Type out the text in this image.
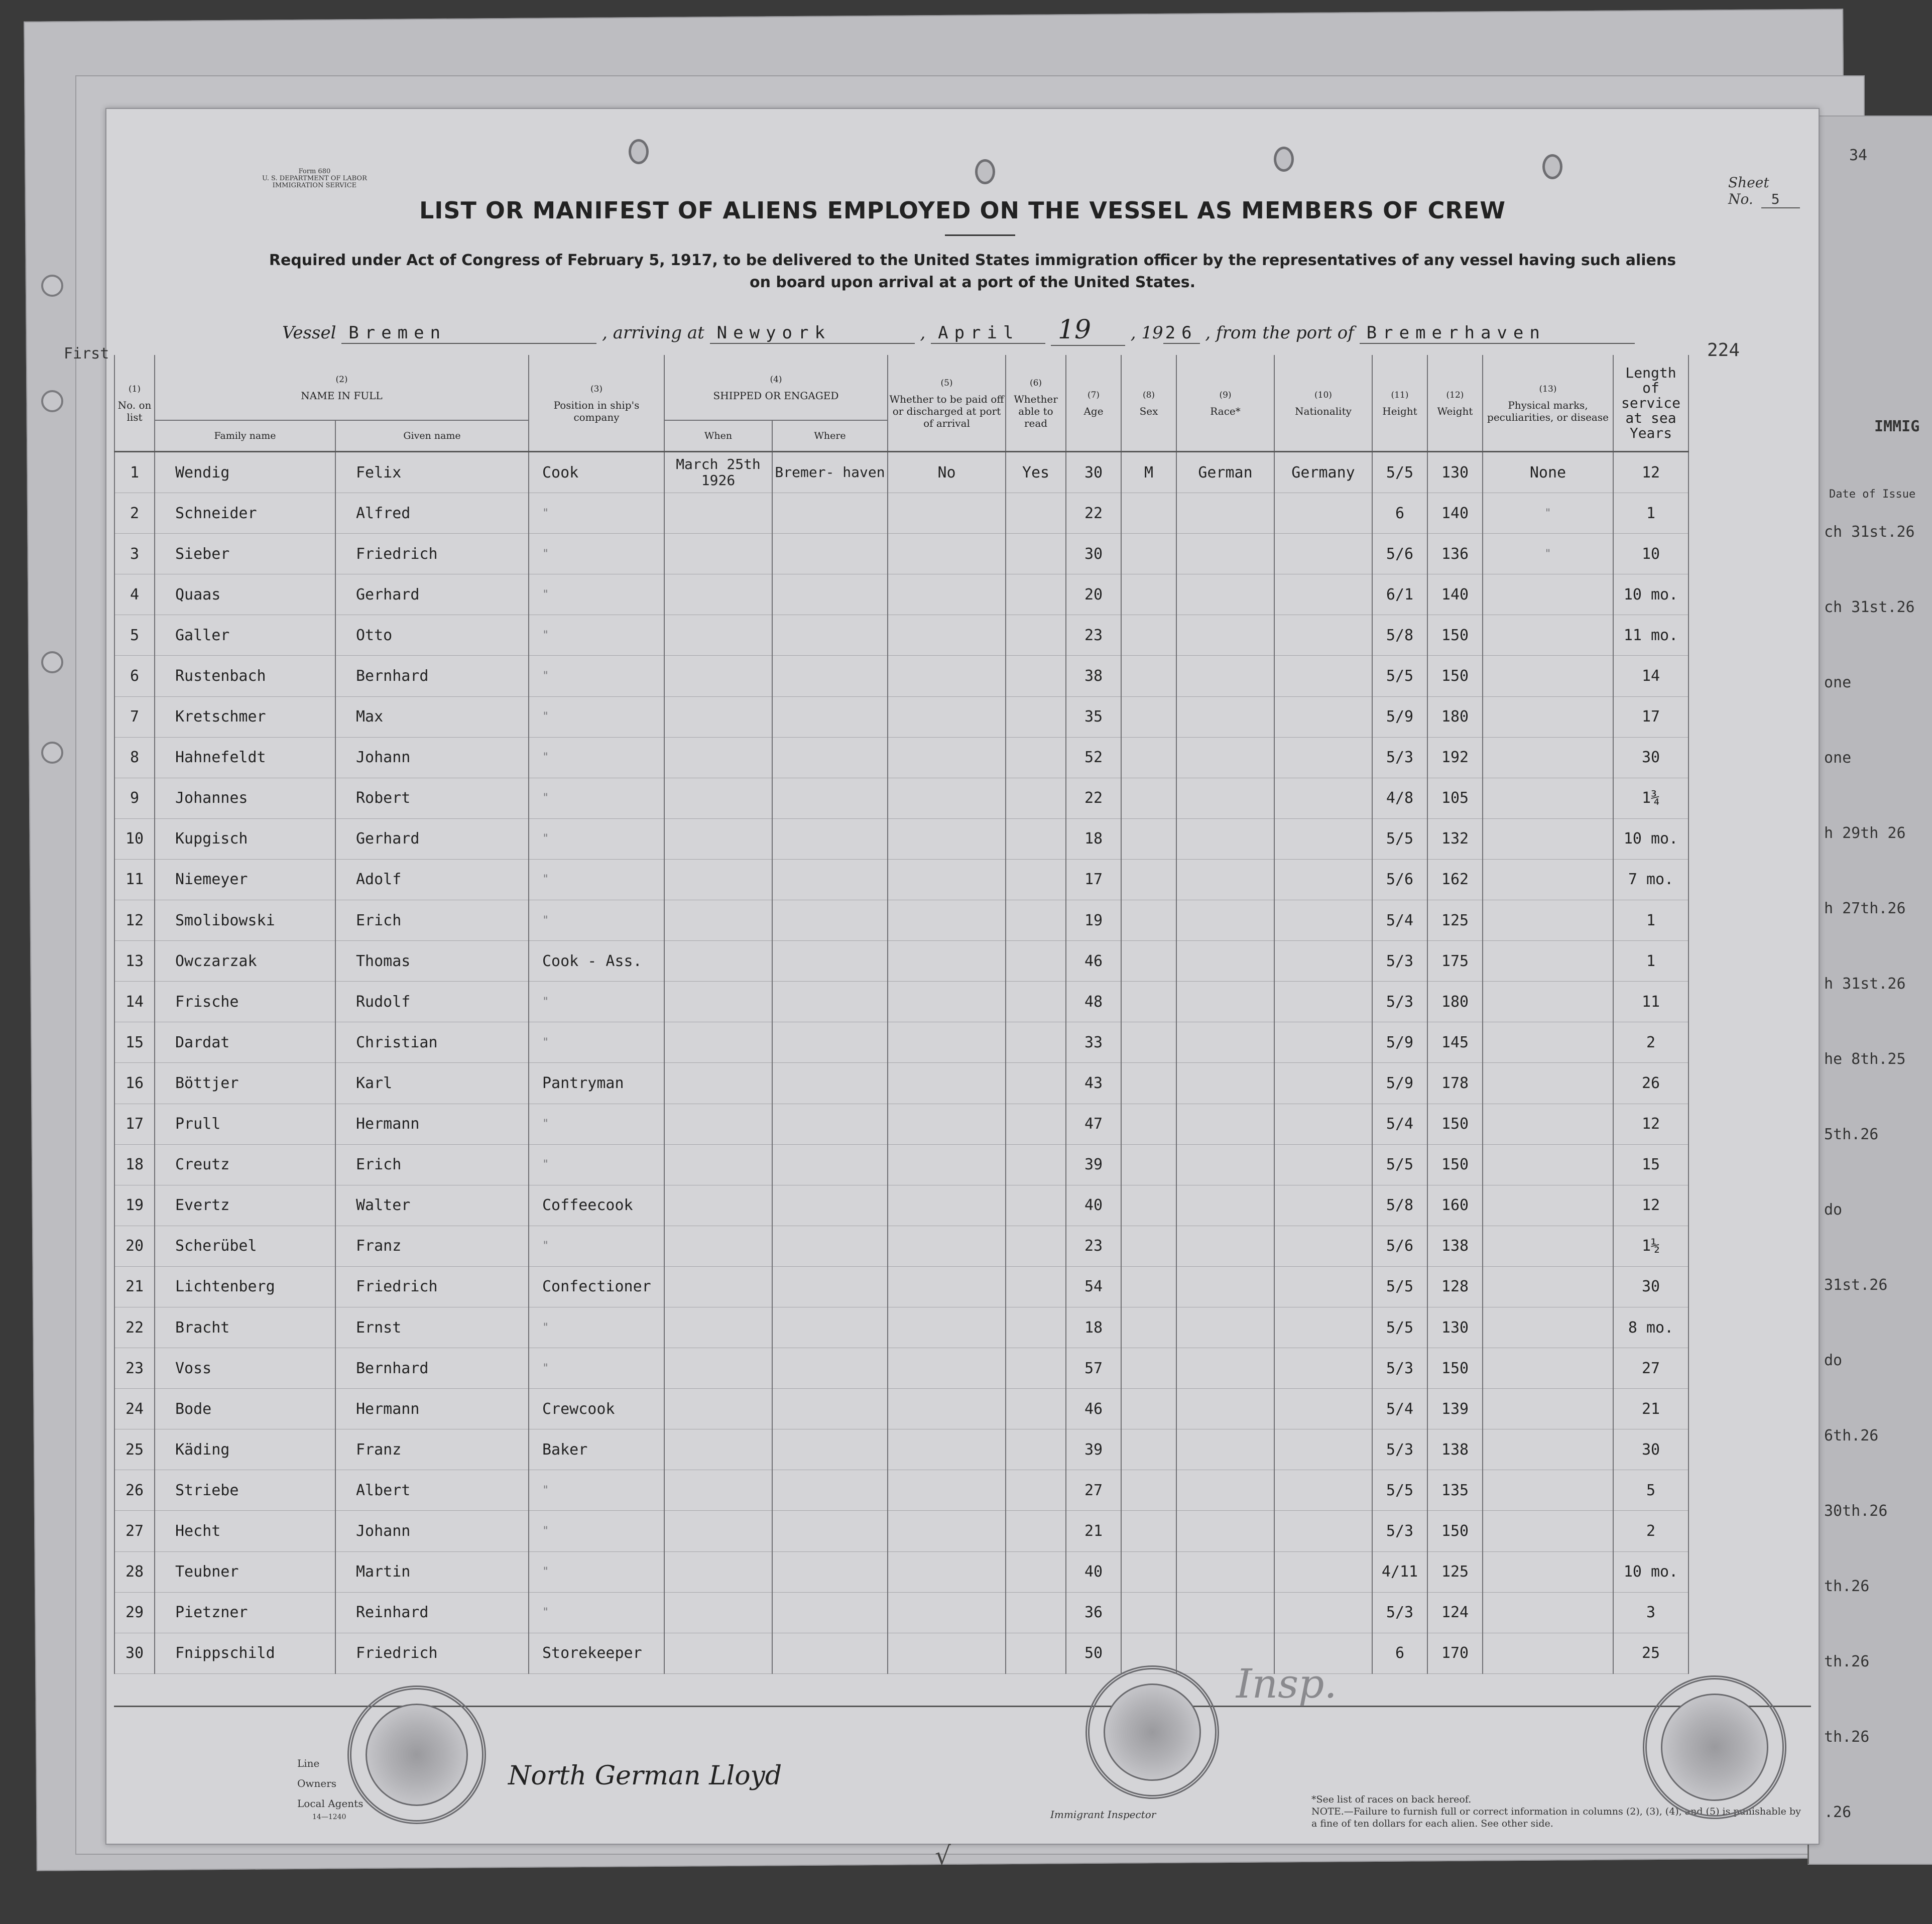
34
IMMIG
Date of Issue
ch 31st.26
ch 31st.26
one
one
h 29th 26
h 27th.26
h 31st.26
he 8th.25
5th.26
do
31st.26
do
6th.26
30th.26
th.26
th.26
th.26
.26
Form 680
U. S. DEPARTMENT OF LABOR
IMMIGRATION SERVICE	Sheet No. 5
LIST OR MANIFEST OF ALIENS EMPLOYED ON THE VESSEL AS MEMBERS OF CREW
Required under Act of Congress of February 5, 1917, to be delivered to the United States immigration officer by the representatives of any vessel having such aliens on board upon arrival at a port of the United States.
Vessel Bremen	, arriving at Newyork	, April 19 , 19 26 , from the port of Bremerhaven
224
First
(1)
No. on list	(2)
NAME IN FULL		(3)
Position in ship's company	(4)
SHIPPED OR ENGAGED		(5)
Whether to be paid off or discharged at port of arrival	(6)
Whether able to read	(7)
Age	(8)
Sex	(9)
Race*	(10)
Nationality	(11)
Height	(12)
Weight	(13)
Physical marks, peculiarities, or disease	Length of service at sea Years
	Family name	Given name		When	Where										
1	Wendig	Felix	Cook	March 25th 1926	Bremer- haven	No	Yes	30	M	German	Germany	5/5	130	None	12
2	Schneider	Alfred	"					22				6	140	"	1
3	Sieber	Friedrich	"					30				5/6	136	"	10
4	Quaas	Gerhard	"					20				6/1	140		10 mo.
5	Galler	Otto	"					23				5/8	150		11 mo.
6	Rustenbach	Bernhard	"					38				5/5	150		14
7	Kretschmer	Max	"					35				5/9	180		17
8	Hahnefeldt	Johann	"					52				5/3	192		30
9	Johannes	Robert	"					22				4/8	105		1¾
10	Kupgisch	Gerhard	"					18				5/5	132		10 mo.
11	Niemeyer	Adolf	"					17				5/6	162		7 mo.
12	Smolibowski	Erich	"					19				5/4	125		1
13	Owczarzak	Thomas	Cook - Ass.					46				5/3	175		1
14	Frische	Rudolf	"					48				5/3	180		11
15	Dardat	Christian	"					33				5/9	145		2
16	Böttjer	Karl	Pantryman					43				5/9	178		26
17	Prull	Hermann	"					47				5/4	150		12
18	Creutz	Erich	"					39				5/5	150		15
19	Evertz	Walter	Coffeecook					40				5/8	160		12
20	Scherübel	Franz	"					23				5/6	138		1½
21	Lichtenberg	Friedrich	Confectioner					54				5/5	128		30
22	Bracht	Ernst	"					18				5/5	130		8 mo.
23	Voss	Bernhard	"					57				5/3	150		27
24	Bode	Hermann	Crewcook					46				5/4	139		21
25	Käding	Franz	Baker					39				5/3	138		30
26	Striebe	Albert	"					27				5/5	135		5
27	Hecht	Johann	"					21				5/3	150		2
28	Teubner	Martin	"					40				4/11	125		10 mo.
29	Pietzner	Reinhard	"					36				5/3	124		3
30	Fnippschild	Friedrich	Storekeeper					50				6	170		25
Line
Owners
Local Agents
14—1240
North German Lloyd
Insp.
Immigrant Inspector
*See list of races on back hereof.
NOTE.—Failure to furnish full or correct information in columns (2), (3), (4), and (5) is punishable by a fine of ten dollars for each alien. See other side.
√
